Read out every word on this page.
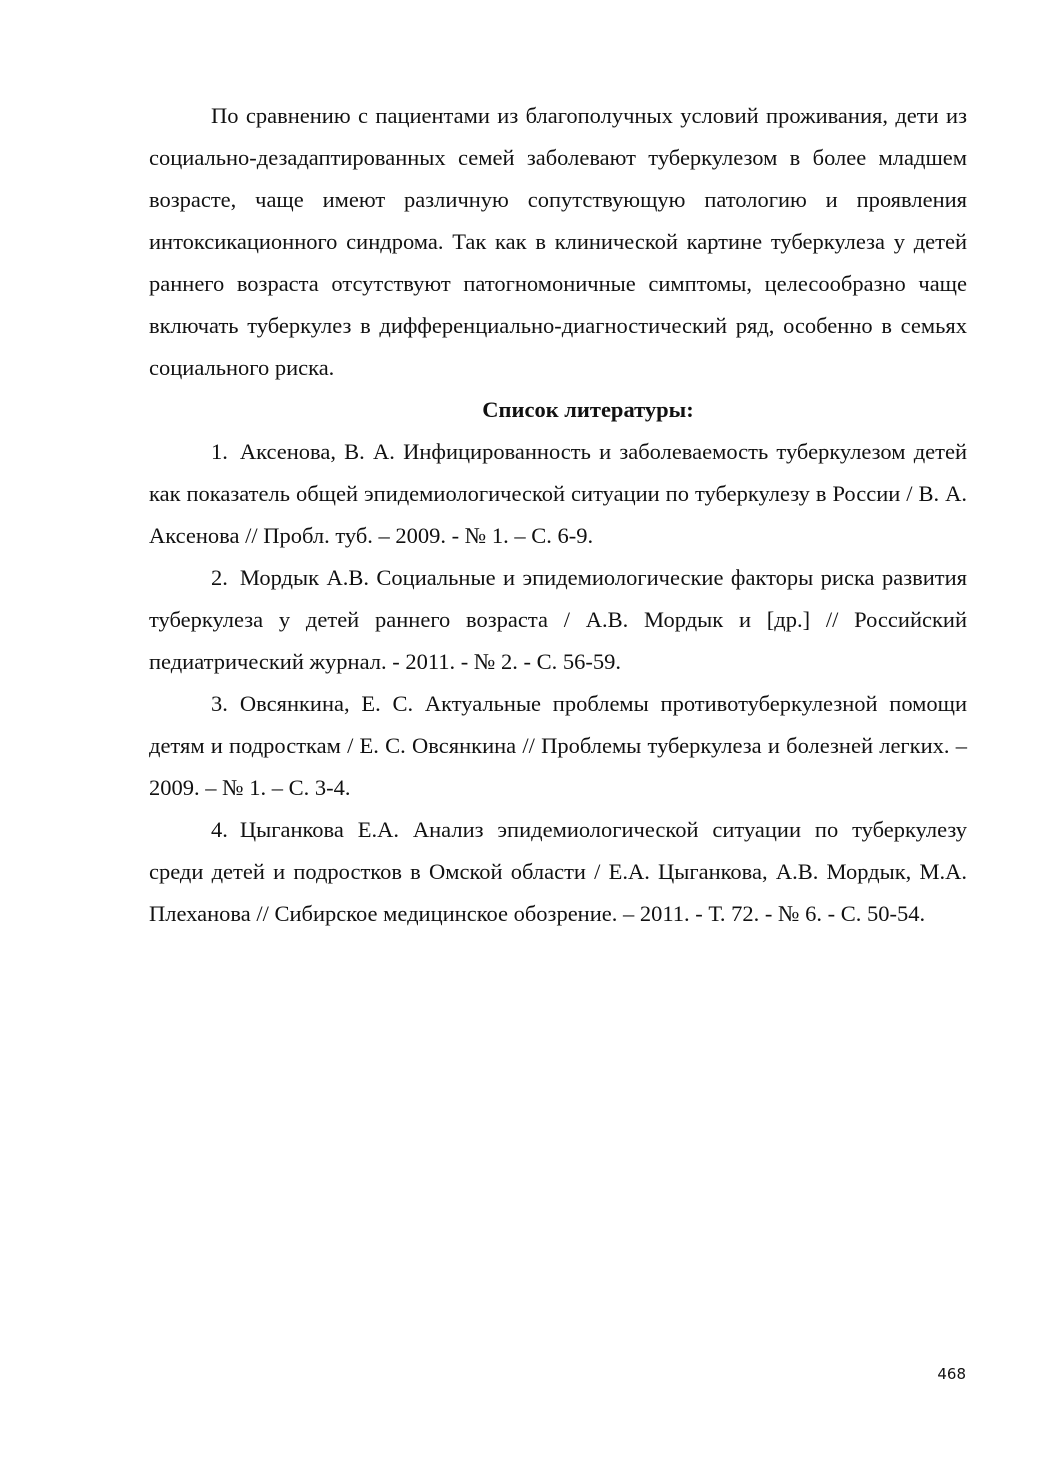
По сравнению с пациентами из благополучных условий проживания, дети из социально-дезадаптированных семей заболевают туберкулезом в более младшем возрасте, чаще имеют различную сопутствующую патологию и проявления интоксикационного синдрома. Так как в клинической картине туберкулеза у детей раннего возраста отсутствуют патогномоничные симптомы, целесообразно чаще включать туберкулез в дифференциально-диагностический ряд, особенно в семьях социального риска.

Список литературы:

1. Аксенова, В. А. Инфицированность и заболеваемость туберкулезом детей как показатель общей эпидемиологической ситуации по туберкулезу в России / В. А. Аксенова // Пробл. туб. – 2009. - № 1. – С. 6-9.

2. Мордык А.В. Социальные и эпидемиологические факторы риска развития туберкулеза у детей раннего возраста / А.В. Мордык и [др.] // Российский педиатрический журнал. - 2011. - № 2. - С. 56-59.

3. Овсянкина, Е. С. Актуальные проблемы противотуберкулезной помощи детям и подросткам / Е. С. Овсянкина // Проблемы туберкулеза и болезней легких. – 2009. – № 1. – С. 3-4.

4. Цыганкова Е.А. Анализ эпидемиологической ситуации по туберкулезу среди детей и подростков в Омской области / Е.А. Цыганкова, А.В. Мордык, М.А. Плеханова // Сибирское медицинское обозрение. – 2011. - Т. 72. - № 6. - С. 50-54.

468
